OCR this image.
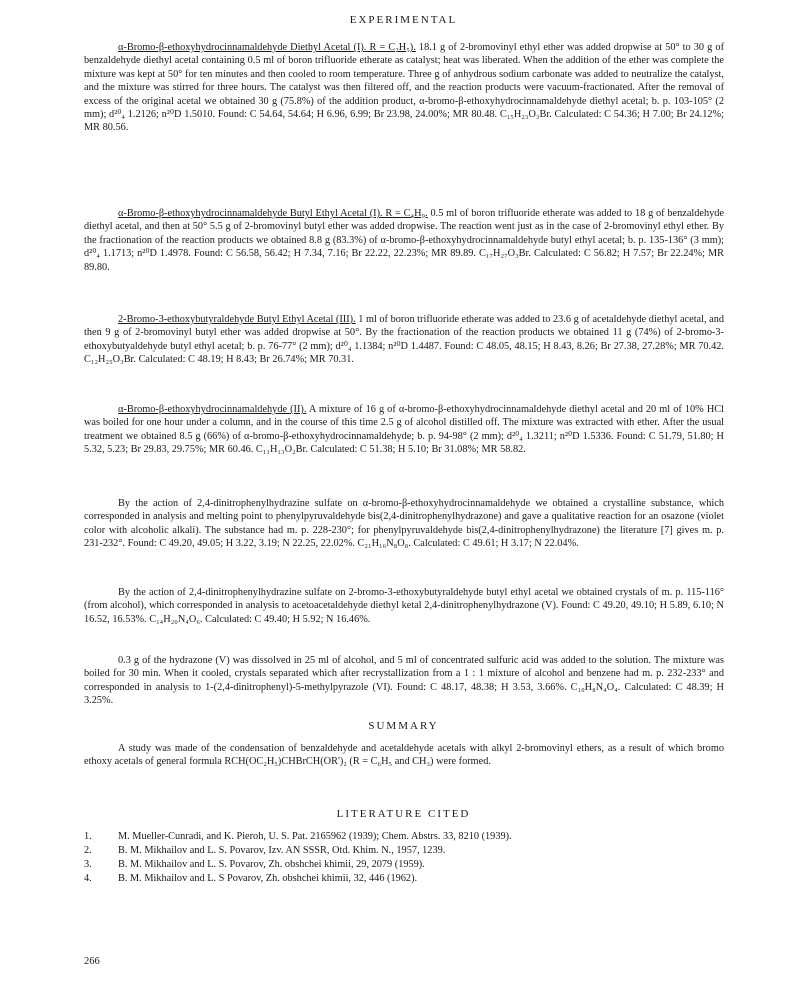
EXPERIMENTAL

α-Bromo-β-ethoxyhydrocinnamaldehyde Diethyl Acetal (I). R = C₂H₅). 18.1 g of 2-bromovinyl ethyl ether was added dropwise at 50° to 30 g of benzaldehyde diethyl acetal containing 0.5 ml of boron trifluoride etherate as catalyst; heat was liberated. When the addition of the ether was complete the mixture was kept at 50° for ten minutes and then cooled to room temperature. Three g of anhydrous sodium carbonate was added to neutralize the catalyst, and the mixture was stirred for three hours. The catalyst was then filtered off, and the reaction products were vacuum-fractionated. After the removal of excess of the original acetal we obtained 30 g (75.8%) of the addition product, α-bromo-β-ethoxyhydrocinnamaldehyde diethyl acetal; b. p. 103-105° (2 mm); d²⁰₄ 1.2126; n²⁰D 1.5010. Found: C 54.64, 54.64; H 6.96, 6.99; Br 23.98, 24.00%; MR 80.48. C₁₅H₂₃O₃Br. Calculated: C 54.36; H 7.00; Br 24.12%; MR 80.56.

α-Bromo-β-ethoxyhydrocinnamaldehyde Butyl Ethyl Acetal (I). R = C₄H₉. 0.5 ml of boron trifluoride etherate was added to 18 g of benzaldehyde diethyl acetal, and then at 50° 5.5 g of 2-bromovinyl butyl ether was added dropwise. The reaction went just as in the case of 2-bromovinyl ethyl ether. By the fractionation of the reaction products we obtained 8.8 g (83.3%) of α-bromo-β-ethoxyhydrocinnamaldehyde butyl ethyl acetal; b. p. 135-136° (3 mm); d²⁰₄ 1.1713; n²⁰D 1.4978. Found: C 56.58, 56.42; H 7.34, 7.16; Br 22.22, 22.23%; MR 89.89. C₁₇H₂₇O₃Br. Calculated: C 56.82; H 7.57; Br 22.24%; MR 89.80.

2-Bromo-3-ethoxybutyraldehyde Butyl Ethyl Acetal (III). 1 ml of boron trifluoride etherate was added to 23.6 g of acetaldehyde diethyl acetal, and then 9 g of 2-bromovinyl butyl ether was added dropwise at 50°. By the fractionation of the reaction products we obtained 11 g (74%) of 2-bromo-3-ethoxybutyaldehyde butyl ethyl acetal; b. p. 76-77° (2 mm); d²⁰₄ 1.1384; n²⁰D 1.4487. Found: C 48.05, 48.15; H 8.43, 8.26; Br 27.38, 27.28%; MR 70.42. C₁₂H₂₅O₃Br. Calculated: C 48.19; H 8.43; Br 26.74%; MR 70.31.

α-Bromo-β-ethoxyhydrocinnamaldehyde (II). A mixture of 16 g of α-bromo-β-ethoxyhydrocinnamaldehyde diethyl acetal and 20 ml of 10% HCl was boiled for one hour under a column, and in the course of this time 2.5 g of alcohol distilled off. The mixture was extracted with ether. After the usual treatment we obtained 8.5 g (66%) of α-bromo-β-ethoxyhydrocinnamaldehyde; b. p. 94-98° (2 mm); d²⁰₄ 1.3211; n²⁰D 1.5336. Found: C 51.79, 51.80; H 5.32, 5.23; Br 29.83, 29.75%; MR 60.46. C₁₁H₁₃O₂Br. Calculated: C 51.38; H 5.10; Br 31.08%; MR 58.82.

By the action of 2,4-dinitrophenylhydrazine sulfate on α-bromo-β-ethoxyhydrocinnamaldehyde we obtained a crystalline substance, which corresponded in analysis and melting point to phenylpyruvaldehyde bis(2,4-dinitrophenylhydrazone) and gave a qualitative reaction for an osazone (violet color with alcoholic alkali). The substance had m. p. 228-230°; for phenylpyruvaldehyde bis(2,4-dinitrophenylhydrazone) the literature [7] gives m. p. 231-232°. Found: C 49.20, 49.05; H 3.22, 3.19; N 22.25, 22.02%. C₂₁H₁₆N₈O₈. Calculated: C 49.61; H 3.17; N 22.04%.

By the action of 2,4-dinitrophenylhydrazine sulfate on 2-bromo-3-ethoxybutyraldehyde butyl ethyl acetal we obtained crystals of m. p. 115-116° (from alcohol), which corresponded in analysis to acetoacetaldehyde diethyl ketal 2,4-dinitrophenylhydrazone (V). Found: C 49.20, 49.10; H 5.89, 6.10; N 16.52, 16.53%. C₁₄H₂₀N₄O₆. Calculated: C 49.40; H 5.92; N 16.46%.

0.3 g of the hydrazone (V) was dissolved in 25 ml of alcohol, and 5 ml of concentrated sulfuric acid was added to the solution. The mixture was boiled for 30 min. When it cooled, crystals separated which after recrystallization from a 1 : 1 mixture of alcohol and benzene had m. p. 232-233° and corresponded in analysis to 1-(2,4-dinitrophenyl)-5-methylpyrazole (VI). Found: C 48.17, 48.38; H 3.53, 3.66%. C₁₀H₈N₄O₄. Calculated: C 48.39; H 3.25%.

SUMMARY

A study was made of the condensation of benzaldehyde and acetaldehyde acetals with alkyl 2-bromovinyl ethers, as a result of which bromo ethoxy acetals of general formula RCH(OC₂H₅)CHBrCH(OR')₂ (R = C₆H₅ and CH₃) were formed.

LITERATURE CITED
1.	M. Mueller-Cunradi, and K. Pieroh, U. S. Pat. 2165962 (1939); Chem. Abstrs. 33, 8210 (1939).
2.	B. M. Mikhailov and L. S. Povarov, Izv. AN SSSR, Otd. Khim. N., 1957, 1239.
3.	B. M. Mikhailov and L. S. Povarov, Zh. obshchei khimii, 29, 2079 (1959).
4.	B. M. Mikhailov and L. S Povarov, Zh. obshchei khimii, 32, 446 (1962).
266
